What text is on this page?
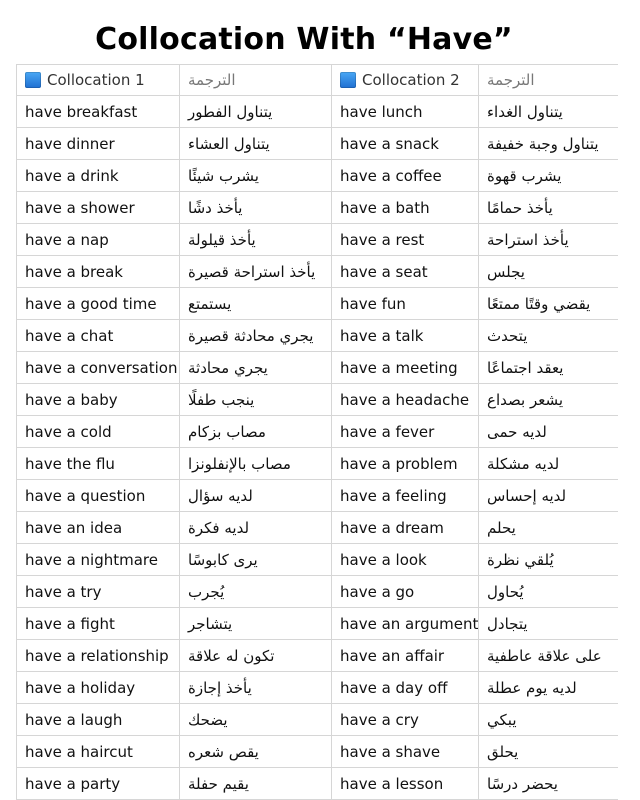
Collocation With “Have”
Collocation 1	الترجمة	Collocation 2	الترجمة
have breakfast	يتناول الفطور	have lunch	يتناول الغداء
have dinner	يتناول العشاء	have a snack	يتناول وجبة خفيفة
have a drink	يشرب شيئًا	have a coffee	يشرب قهوة
have a shower	يأخذ دشًا	have a bath	يأخذ حمامًا
have a nap	يأخذ قيلولة	have a rest	يأخذ استراحة
have a break	يأخذ استراحة قصيرة	have a seat	يجلس
have a good time	يستمتع	have fun	يقضي وقتًا ممتعًا
have a chat	يجري محادثة قصيرة	have a talk	يتحدث
have a conversation يجري محادثة	have a meeting	يعقد اجتماعًا
have a baby	ينجب طفلًا	have a headache	يشعر بصداع
have a cold	مصاب بزكام	have a fever	لديه حمى
have the flu	مصاب بالإنفلونزا	have a problem	لديه مشكلة
have a question	لديه سؤال	have a feeling	لديه إحساس
have an idea	لديه فكرة	have a dream	يحلم
have a nightmare	يرى كابوسًا	have a look	يُلقي نظرة
have a try	يُجرب	have a go	يُحاول
have a fight	يتشاجر	have an argument يتجادل
have a relationship	تكون له علاقة	have an affair	على علاقة عاطفية
have a holiday	يأخذ إجازة	have a day off	لديه يوم عطلة
have a laugh	يضحك	have a cry	يبكي
have a haircut	يقص شعره	have a shave	يحلق
have a party	يقيم حفلة	have a lesson	يحضر درسًا
